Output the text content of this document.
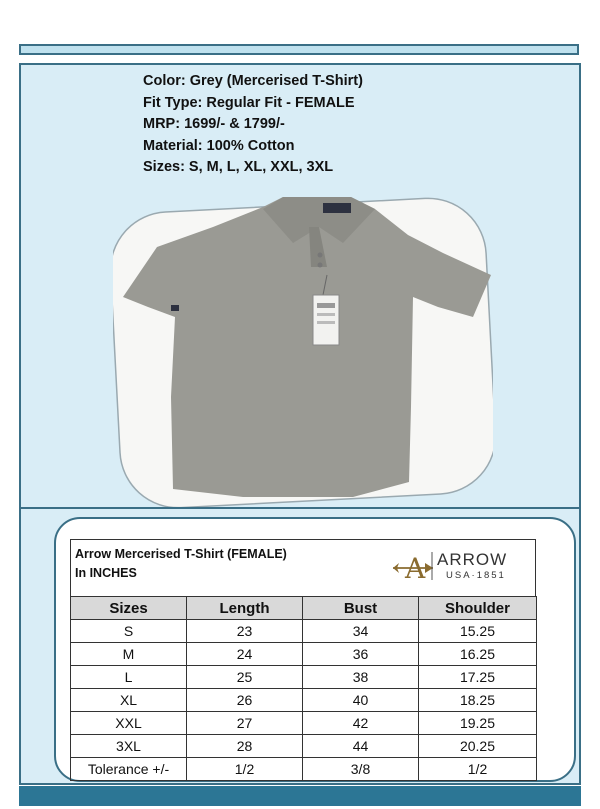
Color: Grey (Mercerised T-Shirt)
Fit Type: Regular Fit - FEMALE
MRP: 1699/- & 1799/-
Material: 100% Cotton
Sizes: S, M, L, XL, XXL, 3XL
Arrow Mercerised T-Shirt (FEMALE)
In INCHES	A ARROW
USA·1851
Sizes	Length	Bust	Shoulder
S	23	34	15.25
M	24	36	16.25
L	25	38	17.25
XL	26	40	18.25
XXL	27	42	19.25
3XL	28	44	20.25
Tolerance +/-	1/2	3/8	1/2
